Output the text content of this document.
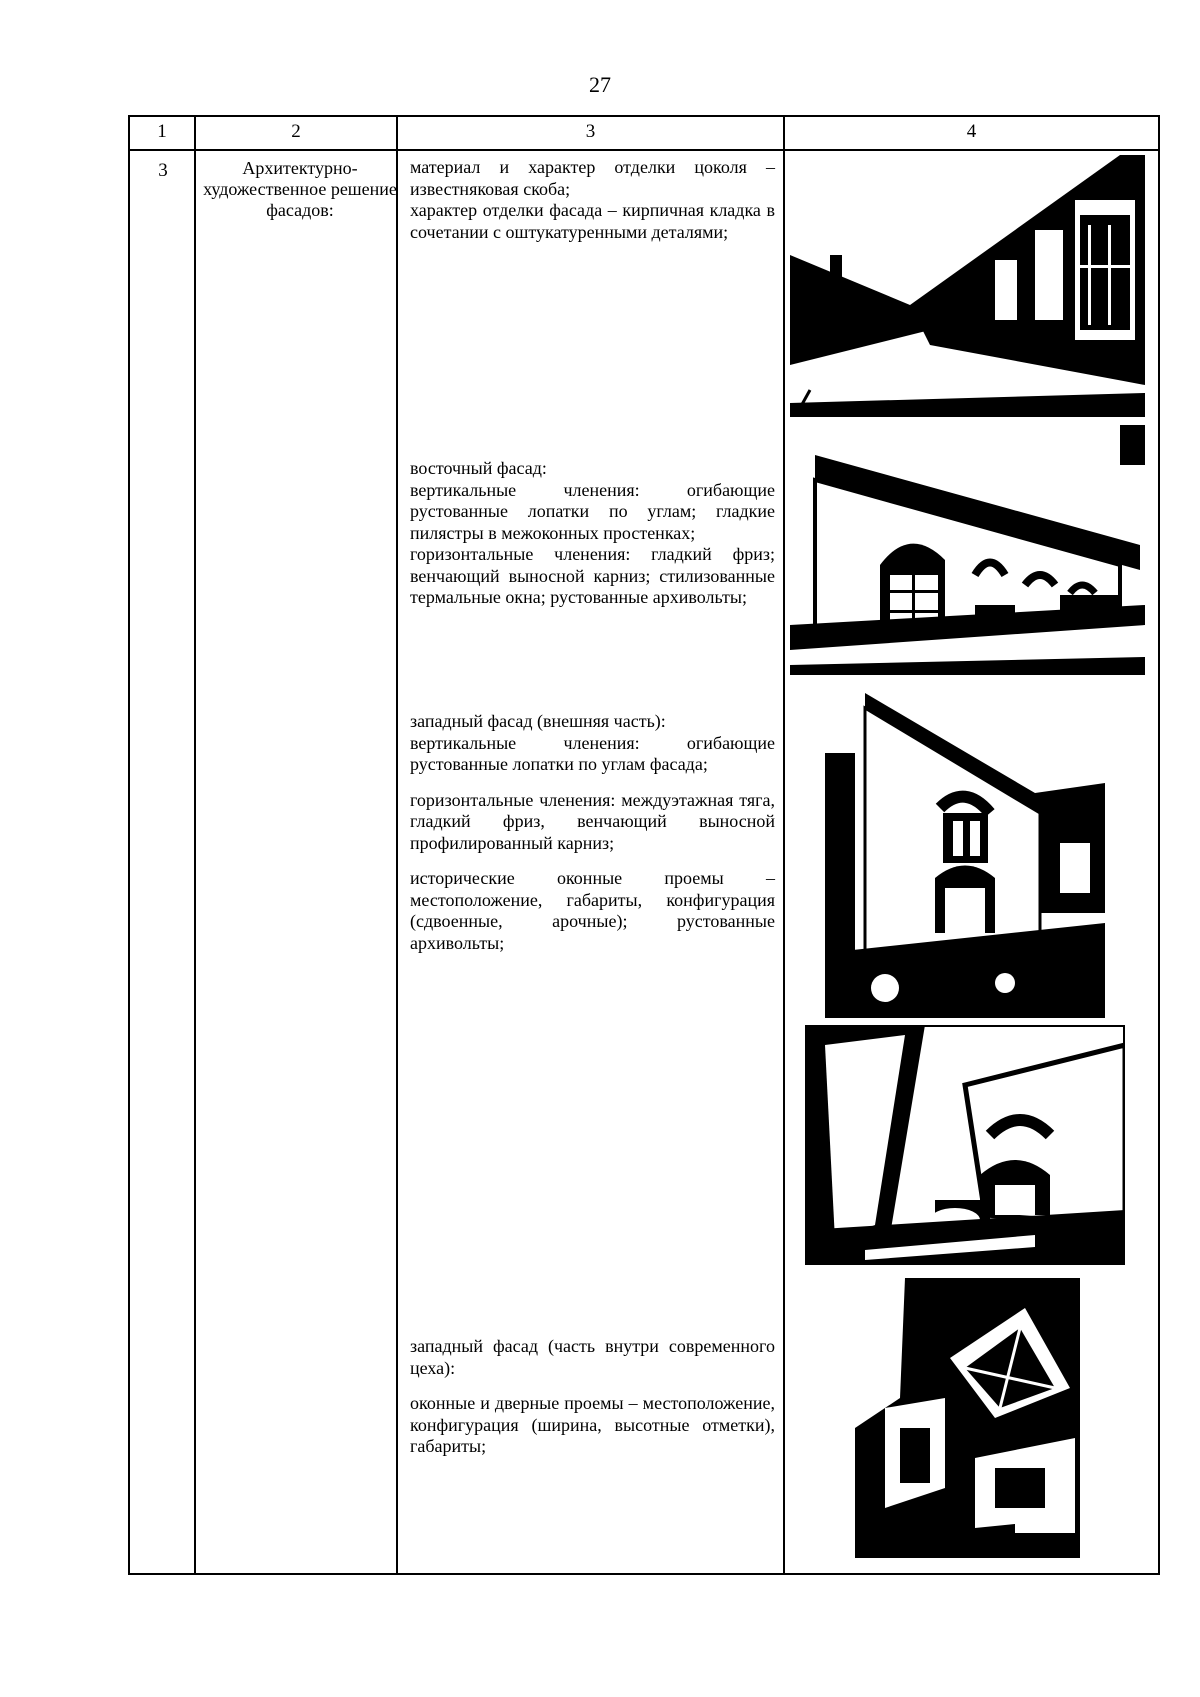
27
1	2	3	4
3	Архитектурно-художественное решение фасадов:

материал и характер отделки цоколя – известняковая скоба;

характер отделки фасада – кирпичная кладка в сочетании с оштукатуренными деталями;

восточный фасад:

вертикальные членения: огибающие рустованные лопатки по углам; гладкие пилястры в межоконных простенках;

горизонтальные членения: гладкий фриз; венчающий выносной карниз; стилизованные термальные окна; рустованные архивольты;

западный фасад (внешняя часть):

вертикальные членения: огибающие рустованные лопатки по углам фасада;

горизонтальные членения: междуэтажная тяга, гладкий фриз, венчающий выносной профилированный карниз;

исторические оконные проемы – местоположение, габариты, конфигурация (сдвоенные, арочные); рустованные архивольты;

западный фасад (часть внутри современного цеха):

оконные и дверные проемы – местоположение, конфигурация (ширина, высотные отметки), габариты;
